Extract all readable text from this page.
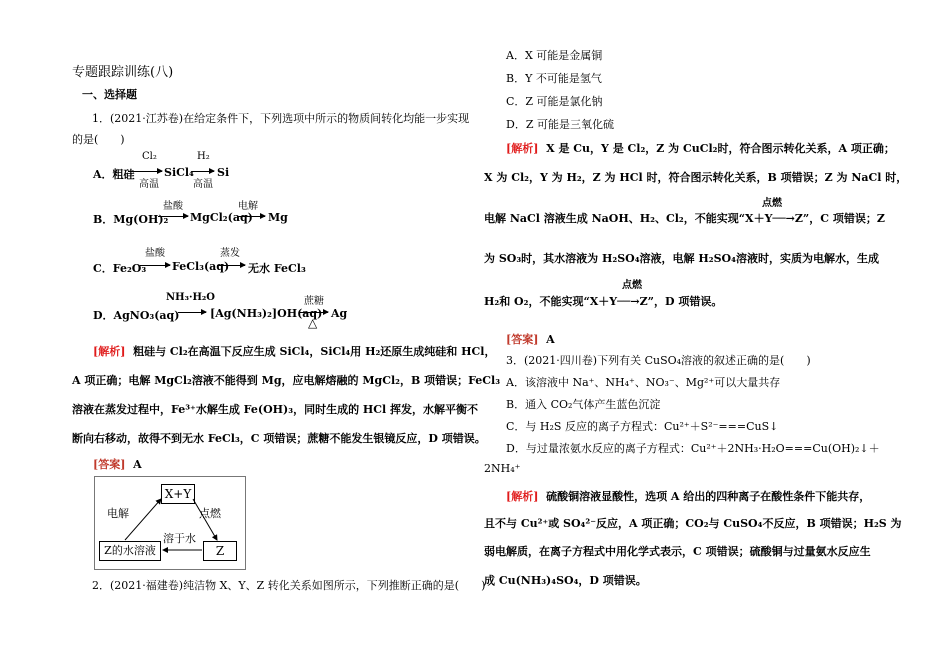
专题跟踪训练(八)
一、选择题
1．(2021·江苏卷)在给定条件下，下列选项中所示的物质间转化均能一步实现
的是(　　)
A．粗硅
Cl₂
高温
SiCl₄
H₂
高温
Si
B．Mg(OH)₂
盐酸
MgCl₂(aq)
电解
Mg
C．Fe₂O₃
盐酸
FeCl₃(aq)
蒸发
无水 FeCl₃
D．AgNO₃(aq)
NH₃·H₂O
[Ag(NH₃)₂]OH(aq)
蔗糖
△
Ag
[解析] 粗硅与 Cl₂在高温下反应生成 SiCl₄，SiCl₄用 H₂还原生成纯硅和 HCl，
A 项正确；电解 MgCl₂溶液不能得到 Mg，应电解熔融的 MgCl₂，B 项错误；FeCl₃
溶液在蒸发过程中，Fe³⁺水解生成 Fe(OH)₃，同时生成的 HCl 挥发，水解平衡不
断向右移动，故得不到无水 FeCl₃，C 项错误；蔗糖不能发生银镜反应，D 项错误。
[答案] A
X+Y
Z的水溶液	Z
电解	点燃
溶于水
2．(2021·福建卷)纯洁物 X、Y、Z 转化关系如图所示，下列推断正确的是(　　)
A．X 可能是金属铜
B．Y 不可能是氢气
C．Z 可能是氯化钠
D．Z 可能是三氧化硫
[解析] X 是 Cu，Y 是 Cl₂，Z 为 CuCl₂时，符合图示转化关系，A 项正确；
X 为 Cl₂，Y 为 H₂，Z 为 HCl 时，符合图示转化关系，B 项错误；Z 为 NaCl 时，
点燃
电解 NaCl 溶液生成 NaOH、H₂、Cl₂，不能实现“X＋Y──→Z”，C 项错误；Z
为 SO₃时，其水溶液为 H₂SO₄溶液，电解 H₂SO₄溶液时，实质为电解水，生成
点燃
H₂和 O₂，不能实现“X＋Y──→Z”，D 项错误。
[答案] A
3．(2021·四川卷)下列有关 CuSO₄溶液的叙述正确的是(　　)
A．该溶液中 Na⁺、NH₄⁺、NO₃⁻、Mg²⁺可以大量共存
B．通入 CO₂气体产生蓝色沉淀
C．与 H₂S 反应的离子方程式：Cu²⁺＋S²⁻===CuS↓
D．与过量浓氨水反应的离子方程式：Cu²⁺＋2NH₃·H₂O===Cu(OH)₂↓＋
2NH₄⁺
[解析] 硫酸铜溶液显酸性，选项 A 给出的四种离子在酸性条件下能共存，
且不与 Cu²⁺或 SO₄²⁻反应，A 项正确；CO₂与 CuSO₄不反应，B 项错误；H₂S 为
弱电解质，在离子方程式中用化学式表示，C 项错误；硫酸铜与过量氨水反应生
成 Cu(NH₃)₄SO₄，D 项错误。
